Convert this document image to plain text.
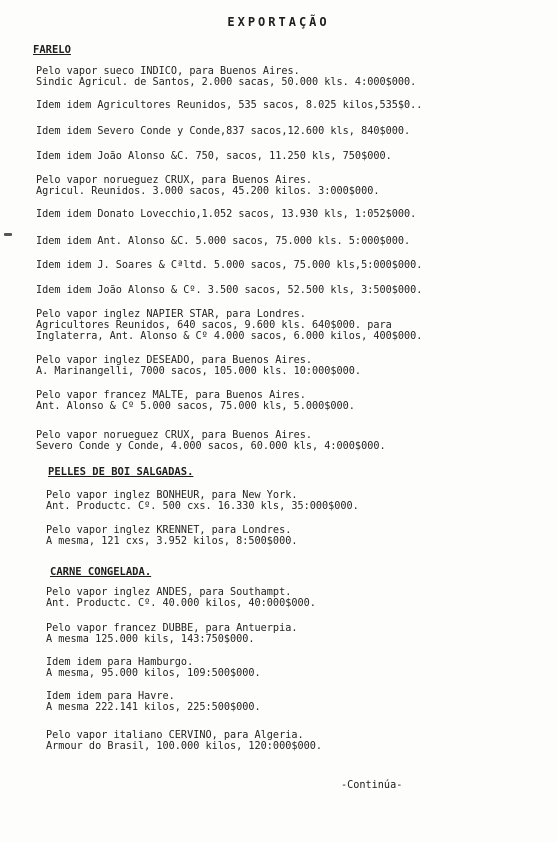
EXPORTAÇÃO
FARELO
Pelo vapor sueco INDICO, para Buenos Aires.
Sindic Agricul. de Santos, 2.000 sacas, 50.000 kls. 4:000$000.
Idem idem Agricultores Reunidos, 535 sacos, 8.025 kilos,535$0..
Idem idem Severo Conde y Conde,837 sacos,12.600 kls, 840$000.
Idem idem João Alonso &C. 750, sacos, 11.250 kls, 750$000.
Pelo vapor norueguez CRUX, para Buenos Aires.
Agricul. Reunidos. 3.000 sacos, 45.200 kilos. 3:000$000.
Idem idem Donato Lovecchio,1.052 sacos, 13.930 kls, 1:052$000.
Idem idem Ant. Alonso &C. 5.000 sacos, 75.000 kls. 5:000$000.
Idem idem J. Soares & Cªltd. 5.000 sacos, 75.000 kls,5:000$000.
Idem idem João Alonso & Cº. 3.500 sacos, 52.500 kls, 3:500$000.
Pelo vapor inglez NAPIER STAR, para Londres.
Agricultores Reunidos, 640 sacos, 9.600 kls. 640$000. para
Inglaterra, Ant. Alonso & Cº 4.000 sacos, 6.000 kilos, 400$000.
Pelo vapor inglez DESEADO, para Buenos Aires.
A. Marinangelli, 7000 sacos, 105.000 kls. 10:000$000.
Pelo vapor francez MALTE, para Buenos Aires.
Ant. Alonso & Cº 5.000 sacos, 75.000 kls, 5.000$000.
Pelo vapor norueguez CRUX, para Buenos Aires.
Severo Conde y Conde, 4.000 sacos, 60.000 kls, 4:000$000.
PELLES DE BOI SALGADAS.
Pelo vapor inglez BONHEUR, para New York.
Ant. Productc. Cº. 500 cxs. 16.330 kls, 35:000$000.
Pelo vapor inglez KRENNET, para Londres.
A mesma, 121 cxs, 3.952 kilos, 8:500$000.
CARNE CONGELADA.
Pelo vapor inglez ANDES, para Southampt.
Ant. Productc. Cº. 40.000 kilos, 40:000$000.
Pelo vapor francez DUBBE, para Antuerpia.
A mesma 125.000 kils, 143:750$000.
Idem idem para Hamburgo.
A mesma, 95.000 kilos, 109:500$000.
Idem idem para Havre.
A mesma 222.141 kilos, 225:500$000.
Pelo vapor italiano CERVINO, para Algeria.
Armour do Brasil, 100.000 kilos, 120:000$000.
-Continúa-
